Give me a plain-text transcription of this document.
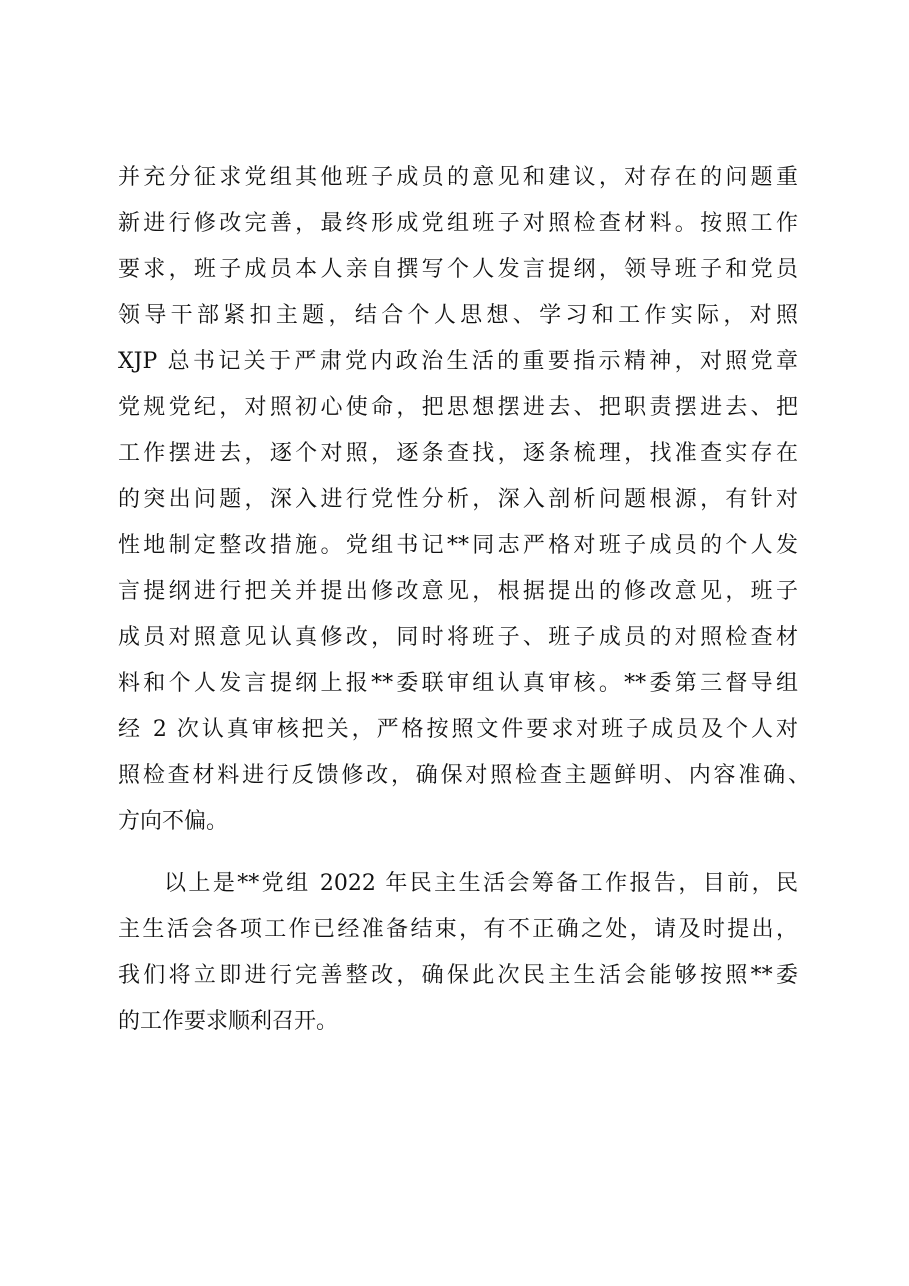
并充分征求党组其他班子成员的意见和建议，对存在的问题重
新进行修改完善，最终形成党组班子对照检查材料。按照工作
要求，班子成员本人亲自撰写个人发言提纲，领导班子和党员
领导干部紧扣主题，结合个人思想、学习和工作实际，对照
XJP 总书记关于严肃党内政治生活的重要指示精神，对照党章
党规党纪，对照初心使命，把思想摆进去、把职责摆进去、把
工作摆进去，逐个对照，逐条查找，逐条梳理，找准查实存在
的突出问题，深入进行党性分析，深入剖析问题根源，有针对
性地制定整改措施。党组书记**同志严格对班子成员的个人发
言提纲进行把关并提出修改意见，根据提出的修改意见，班子
成员对照意见认真修改，同时将班子、班子成员的对照检查材
料和个人发言提纲上报**委联审组认真审核。**委第三督导组
经 2 次认真审核把关，严格按照文件要求对班子成员及个人对
照检查材料进行反馈修改，确保对照检查主题鲜明、内容准确、
方向不偏。
以上是**党组 2022 年民主生活会筹备工作报告，目前，民
主生活会各项工作已经准备结束，有不正确之处，请及时提出，
我们将立即进行完善整改，确保此次民主生活会能够按照**委
的工作要求顺利召开。
